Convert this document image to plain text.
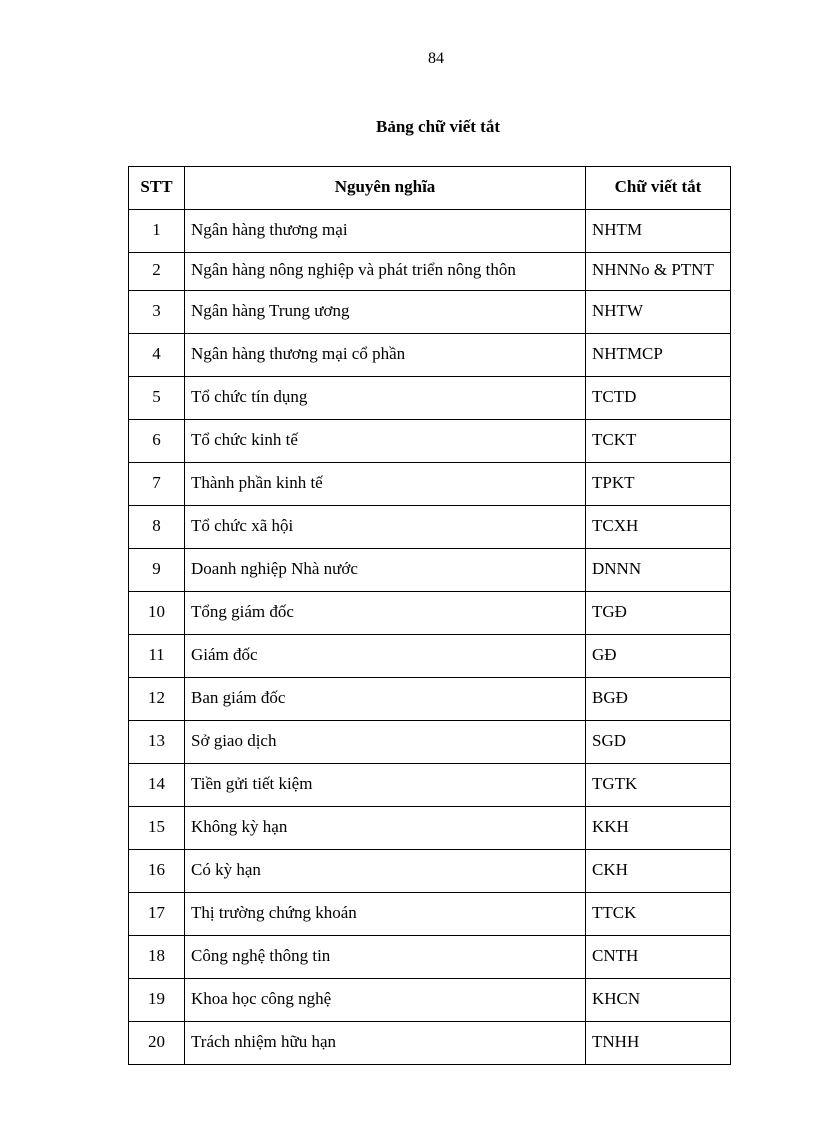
84
Bảng chữ viết tắt
STT	Nguyên nghĩa	Chữ viết tắt
1	Ngân hàng thương mại	NHTM
2	Ngân hàng nông nghiệp và phát triển nông thôn	NHNNo & PTNT
3	Ngân hàng Trung ương	NHTW
4	Ngân hàng thương mại cổ phần	NHTMCP
5	Tổ chức tín dụng	TCTD
6	Tổ chức kinh tế	TCKT
7	Thành phần kinh tế	TPKT
8	Tổ chức xã hội	TCXH
9	Doanh nghiệp Nhà nước	DNNN
10	Tổng giám đốc	TGĐ
11	Giám đốc	GĐ
12	Ban giám đốc	BGĐ
13	Sở giao dịch	SGD
14	Tiền gửi tiết kiệm	TGTK
15	Không kỳ hạn	KKH
16	Có kỳ hạn	CKH
17	Thị trường chứng khoán	TTCK
18	Công nghệ thông tin	CNTH
19	Khoa học công nghệ	KHCN
20	Trách nhiệm hữu hạn	TNHH
